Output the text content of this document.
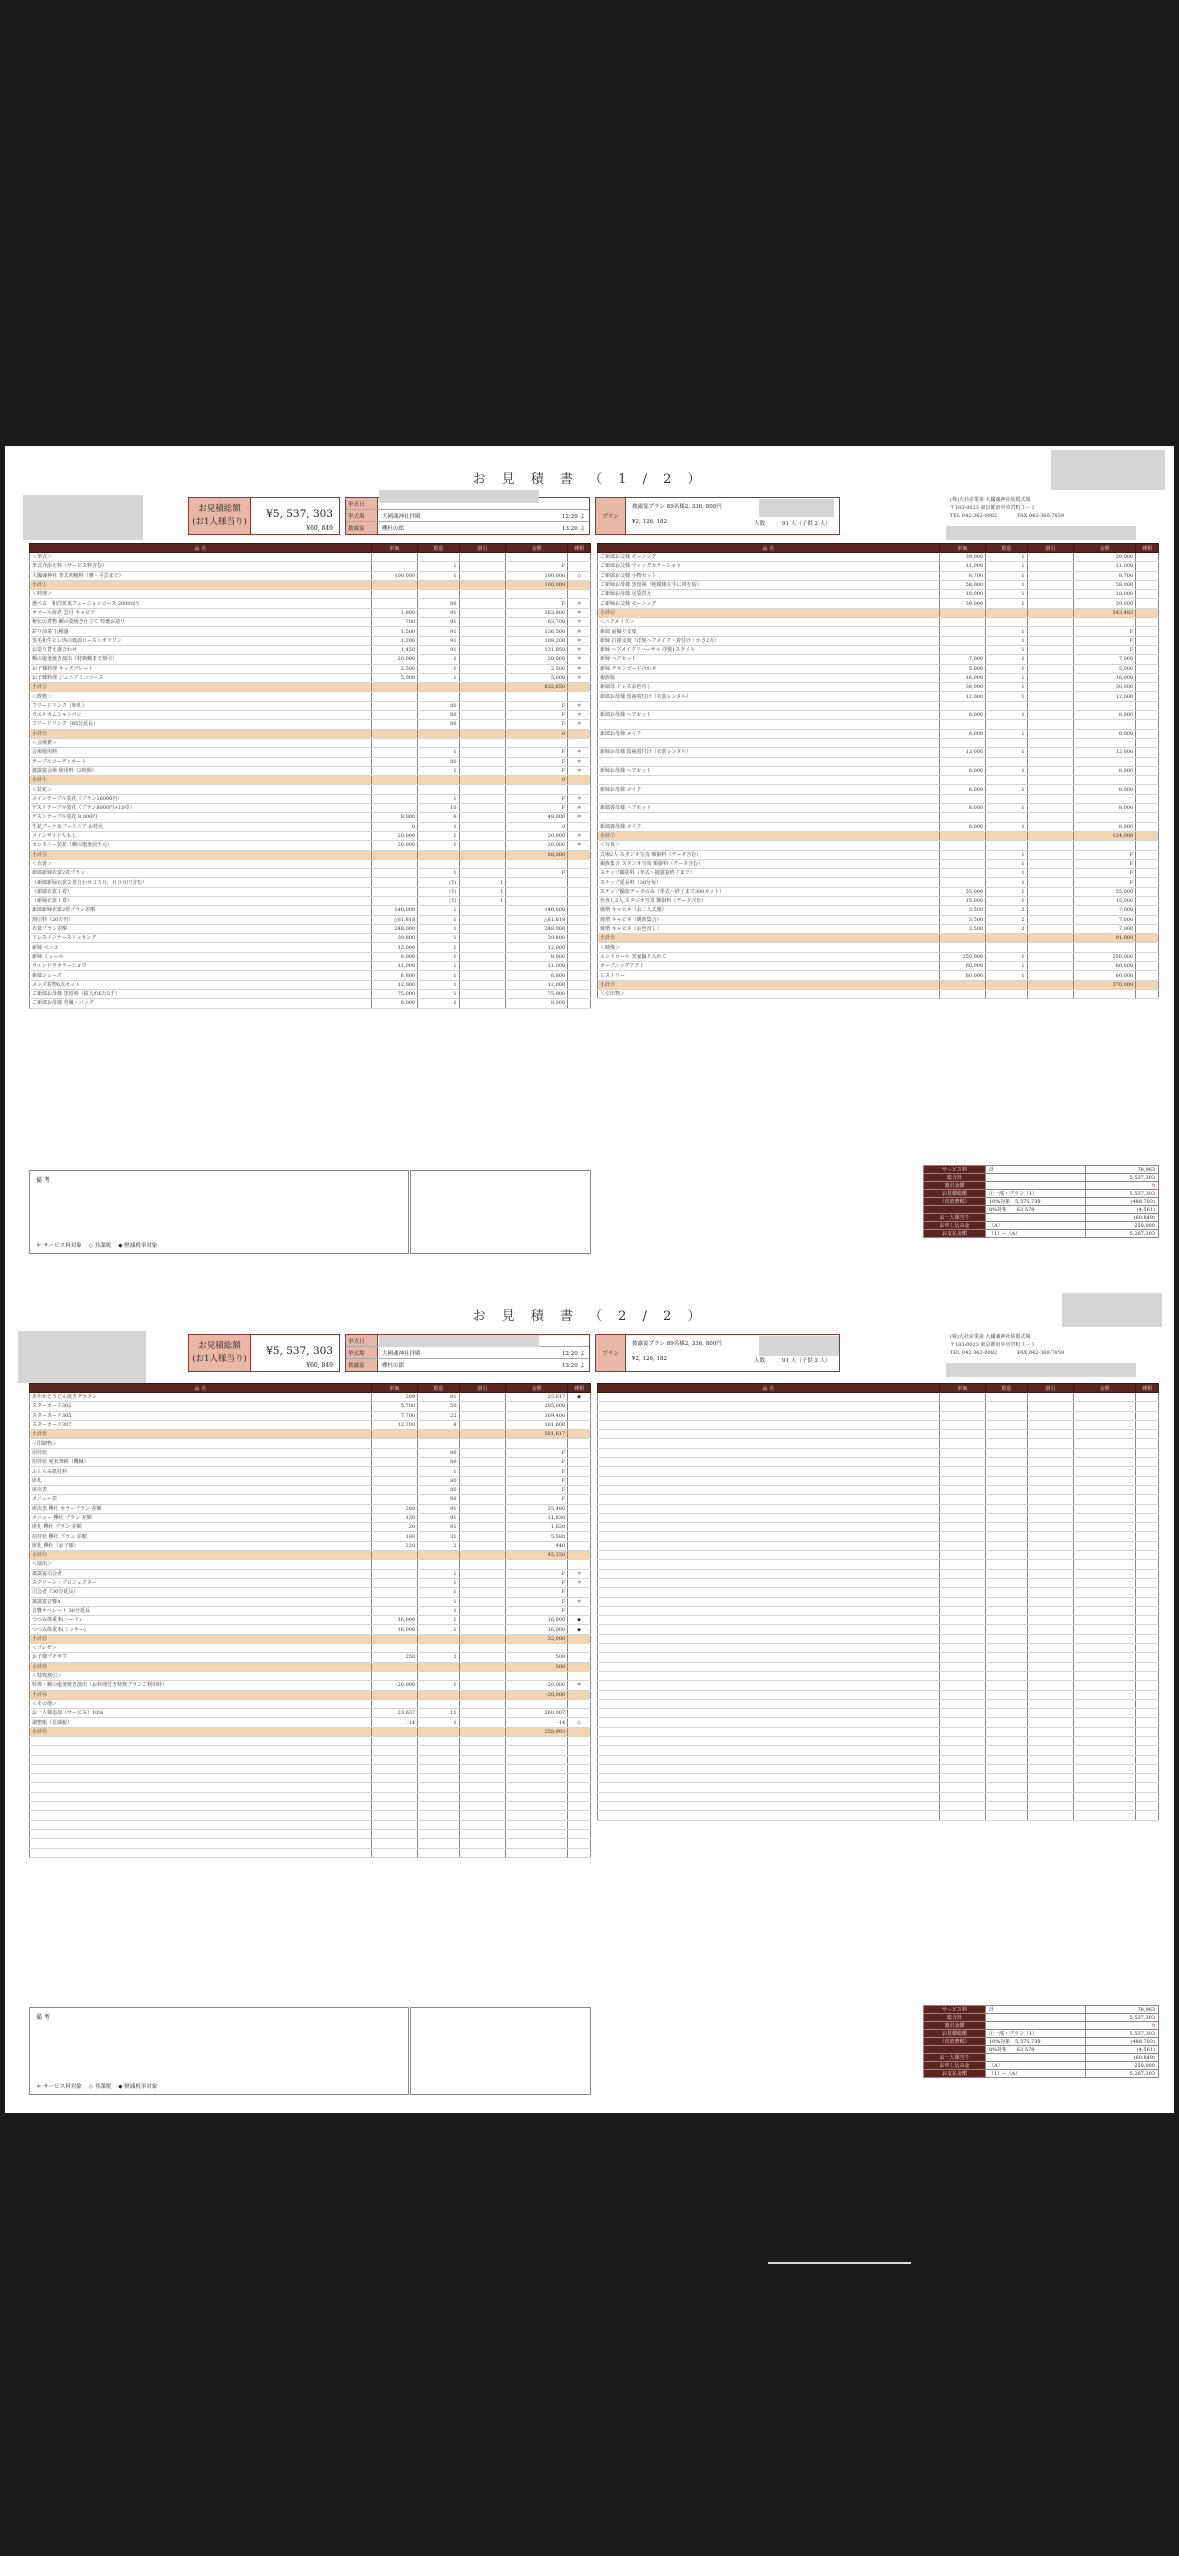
お 見 積 書 （ 1 / 2 ）
お見積総額
(お1人様当り)
¥5, 537, 303
¥60, 849
挙式日
挙式場	大國魂神社拝殿	12:20 よ
披露宴	欅杜の郎	13:20 よ
プラン
披露宴プラン 89名様2, 336, 800円
¥2, 126, 182	人数	91 人（子供 2 人）
(株)大社産業第 大國魂神社結婚式場
〒183-0023 東京都府中市宮町３－１
TEL 042-362-0082　　　　FAX 042-360-7859
品 名	単価	数量	割引	金額	種類
＜挙式＞					
挙式介添え料（サービス料含む）		1		F	
大國魂神社 挙式初穂料（雅・平芸まで）	100,000	1		100,000	◇
小計①				100,000	
＜料理＞					
選べる　和洋折衷フュージョンコース 20000円		80		F	＊
オマール海老 雲丹 キャビア	1,800	91		163,800	＊
秘伝の煮物 鯛の姿焼き仕立て 特選お造り	700	91		63,700	＊
彩り前菜 五種盛	1,500	91		136,500	＊
黒毛和牛ヒレ肉の低温ローストポワソン	1,200	91		109,200	＊
お造り替え盛合わせ	1,450	91		131,950	＊
鯛の塩釜焼き演出（特典鯛まで割引）	20,000	1		20,000	＊
お子様料理 キッズプレート	2,500	1		2,500	＊
お子様料理 ジュニアミニコース	5,000	1		5,000	＊
小計②				632,650	
＜飲物＞					
フリードリンク（和札）		80		F	＊
ウエルカムシャンパン		80		F	＊
フリードリンク（85分延長）		80		F	＊
小計③				0	
＜会場費＞					
会場使用料		1		F	＊
テーブルコーディネート		80		F	＊
披露宴会場 使用料（2時間）		1		F	＊
小計④				0	
＜装花＞					
メインテーブル装花（プラン16000円）		1		F	＊
ゲストテーブル装花（プラン8000円×10卓）		10		F	＊
ゲストテーブル装花 8,000円	8,000	6		48,000	＊
生花ブーケ＆ブートニア お持込	0	1		0	
メインサイドちもし	20,000	1		20,000	＊
セレモニー装花（鯛の塩釜前手元）	20,000	1		20,000	＊
小計⑤				88,000	
＜衣裳＞					
新郎新婦衣裳2着プラン		1		F	
（新郎新婦衣裳２着合わせ３５０，０００円含む）		(T)	1		
（新郎衣裳１着）		(T)	1		
（新婦衣裳１着）		(T)	1		
新郎新婦衣裳2着プラン差額	140,000	1		140,000	
割引料（20万円）	△81,818	1		△81,818	
衣裳プラン差額	248,000	1		248,000	
ドレスインナーストッキング	39,800	1		39,800	
新婦 ベニエ	12,000	1		12,000	
新婦 ミュール	8,000	1		8,000	
ウィンドウカラーショウ	11,000	1		11,000	
新郎シューズ	6,800	1		6,800	
メンズ着物6点セット	12,000	1		12,000	
ご新郎お母様 黒留袖（紋入れ6万5千）	75,000	1		75,000	
ご新郎お母様 草履・バッグ	8,000	1		8,000	
品 名	単価	数量	割引	金額	種類
ご新郎お父様 モーニング	39,000	1		39,000	
ご新郎お父様 ウィングカラーシャツ	11,000	1		11,000	
ご新郎お父様 小物セット	8,700	1		8,700	
ご新婦お母様 黒留袖（地模様左手に帯を結）	58,000	1		58,000	
ご新婦お母様 足袋替え	18,000	1		18,000	
ご新婦お父様 モーニング	39,000	1		39,000	
小計⑥				543,482	
＜ヘアメイク＞					
新郎 前撮り支度		1		F	
新婦 打掛支度（洋髪ヘアメイク・着付け・かさ2点）		1		F	
新婦 ヘアメイクリハーサル 洋髪1スタイル		1		F	
新婦 ヘアセット	7,000	1		7,000	
新婦 チキンゴード合わせ	5,000	1		5,000	
親族服	16,000	1		16,000	
新郎母 ドレスお色直し	30,000	1		30,000	
新郎お母様 留袖着付け（衣装レンタル）	12,000	1		12,000	

新郎お母様 ヘアセット	8,000	1		8,000	

新郎お母様 メイク	8,000	1		8,000	

新婦お母様 留袖着付け（衣装レンタル）	12,000	1		12,000	

新婦お母様 ヘアセット	8,000	1		8,000	

新婦お母様 メイク	8,000	1		8,000	

新郎義母様 ヘアセット	8,000	1		8,000	

新郎義母様 メイク	8,000	1		8,000	
小計⑦				124,000	
＜写真＞					
式場2人 スタジオ写真 額掛料（データ含む）		1		F	
親族集合 スタジオ写真 額掛料（データ含む）		1		F	
スナップ撮影料（挙式〜披露宴終了まで）		1		F	
スナップ延長料（30分毎）		1		F	
スナップ撮影データのみ（挙式〜終了まで300カット）	55,000	1		55,000	
色直し2人 スタジオ写真 額掛料（データ含む）	15,000	1		15,000	
焼増 キャビネ（お二人式服）	3,500	2		7,000	
焼増 キャビネ（親族集合）	3,500	2		7,000	
焼増 キャビネ（お色直し）	3,500	2		7,000	
小計⑧				91,000	
＜映像＞					
エンドロール 実家撮り入れて	250,000	1		250,000	
オープニングアクト	60,000	1		60,000	
ヒストリー	60,000	1		60,000	
小計⑨				370,000	
＜引出物＞					
備 考
＊ サービス料対象 ◇ 非課税 ◆ 軽減税率対象
サービス料	計	78,963
総合計		5,537,303
割引金額		0
お見積総額	①一部・プラン（1）	5,537,303
（内消費税）	10%対象　5,375,739	(488,703)
	8%対象　　63,578	(4,561)
お一人様当り		(60,849)
お申し込み金	（A）	250,000
お支払金額	（1）−（A）	5,287,303
お 見 積 書 （ 2 / 2 ）
お見積総額
(お1人様当り)
¥5, 537, 303
¥60, 849
挙式日
挙式場	大國魂神社拝殿	12:20 よ
披露宴	欅杜の郎	13:20 よ
プラン
披露宴プラン 89名様2, 336, 800円
¥2, 126, 182	人数	91 人（子供 2 人）
(株)大社産業第 大國魂神社結婚式場
〒183-0023 東京都府中市宮町３－１
TEL 042-362-0082　　　　FAX 042-360-7859
品 名	単価	数量	割引	金額	種類
あやかとうどん焼きグラタン	209	81		25,617	◆
スターカード302	5,700	50		285,000	
スターカード305	7,700	22		169,400	
スターカード307	12,700	8		101,600	
小計⑩				581,617	
＜印刷物＞					
招待状		80		F	
招待状 宛名筆耕（機械）		80		F	
ふくらみ紙付料		1		F	
席札		80		F	
席次表		80		F	
メニュー表		80		F	
席次表 欅杜 カラープラン 差額	280	91		25,480	
メニュー 欅杜 プラン 差額	130	91		11,830	
席札 欅杜 プラン 差額	20	91		1,820	
招待状 欅杜 プラン 差額	180	31		5,580	
席札 欅杜（お子様）	220	2		440	
小計⑪				45,150	
＜演出＞					
披露宴司会者		1		F	＊
スクリーン・プロジェクター		1		F	＊
司会者（30分延長）		1		F	
披露宴音響A		1		F	＊
音響オペレート 30分延長		1		F	
つつみ体重米(ハート)	16,000	1		16,000	◆
つつみ体重米(ミッキー)	16,000	1		16,000	◆
小計⑫				32,000	
＜プレゼ＞					
お子様プチギフ	250	2		500	
小計⑬				500	
＜特典割引＞					
特典・鯛の塩釜焼き演出（お料理付き特典プランご利用時）	-20,000	1		-20,000	＊
小計⑭				-20,000	
＜その他＞					
お一人様追加（サービス）10%	23,637	11		260,007	
調整額（非課税）	-14	1		-14	◇
小計⑮				259,993	

品 名	単価	数量	割引	金額	種類

備 考
＊ サービス料対象 ◇ 非課税 ◆ 軽減税率対象
サービス料	計	78,963
総合計		5,537,303
割引金額		0
お見積総額	①一部・プラン（1）	5,537,303
（内消費税）	10%対象　5,375,739	(488,703)
	8%対象　　63,578	(4,561)
お一人様当り		(60,849)
お申し込み金	（A）	250,000
お支払金額	（1）−（A）	5,287,303
